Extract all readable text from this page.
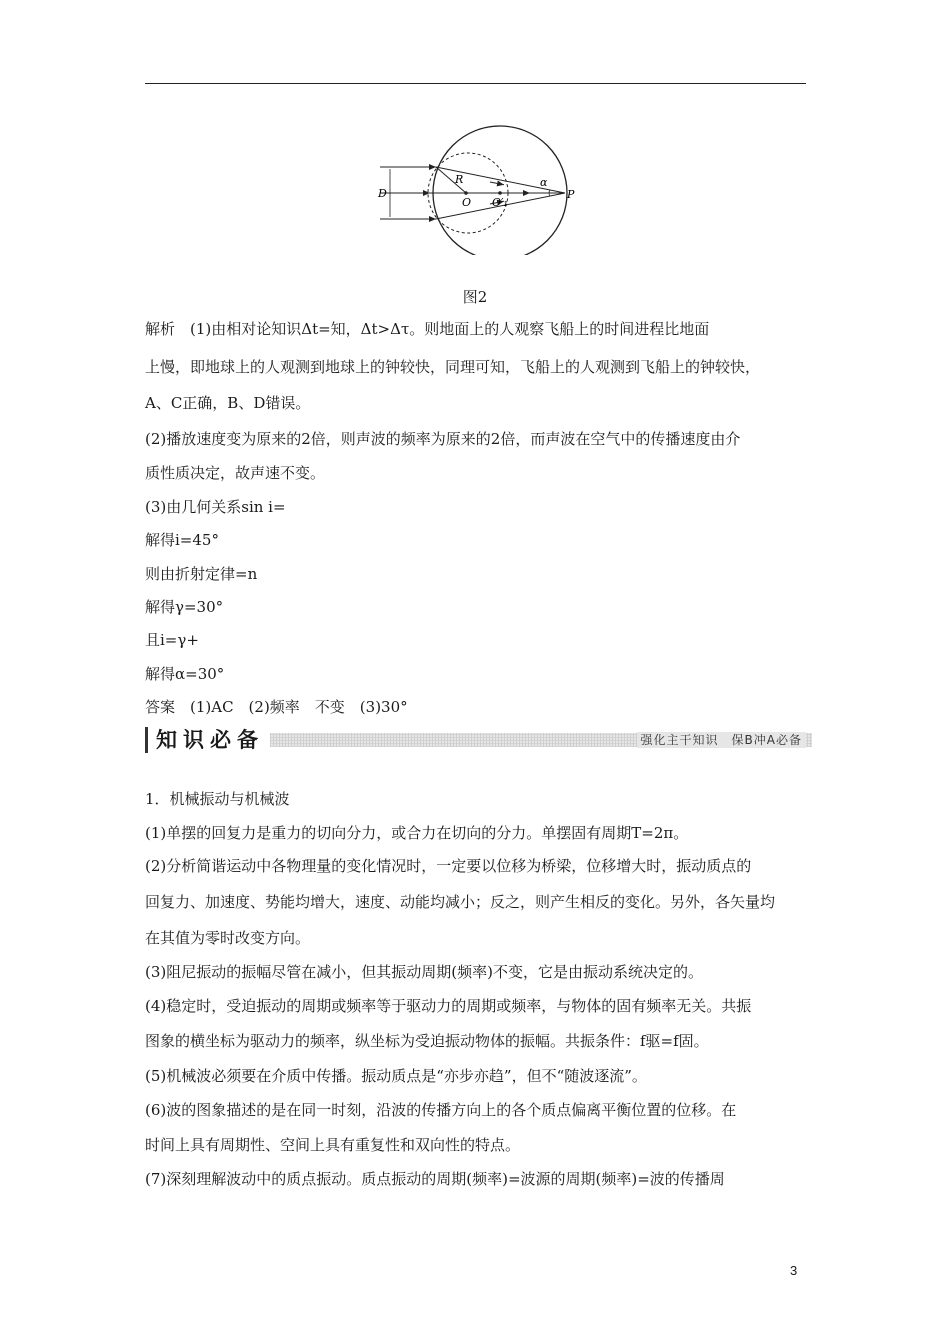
D
R
O O′₁
α
P
图2
解析　(1)由相对论知识Δt=知，Δt>Δτ。则地面上的人观察飞船上的时间进程比地面
上慢，即地球上的人观测到地球上的钟较快，同理可知，飞船上的人观测到飞船上的钟较快，
A、C正确，B、D错误。
(2)播放速度变为原来的2倍，则声波的频率为原来的2倍，而声波在空气中的传播速度由介
质性质决定，故声速不变。
(3)由几何关系sin i=
解得i=45°
则由折射定律=n
解得γ=30°
且i=γ+
解得α=30°
答案　(1)AC　(2)频率　不变　(3)30°
知识必备	强化主干知识　保B冲A必备
1．机械振动与机械波
(1)单摆的回复力是重力的切向分力，或合力在切向的分力。单摆固有周期T=2π。
(2)分析简谐运动中各物理量的变化情况时，一定要以位移为桥梁，位移增大时，振动质点的
回复力、加速度、势能均增大，速度、动能均减小；反之，则产生相反的变化。另外，各矢量均
在其值为零时改变方向。
(3)阻尼振动的振幅尽管在减小，但其振动周期(频率)不变，它是由振动系统决定的。
(4)稳定时，受迫振动的周期或频率等于驱动力的周期或频率，与物体的固有频率无关。共振
图象的横坐标为驱动力的频率，纵坐标为受迫振动物体的振幅。共振条件：f驱=f固。
(5)机械波必须要在介质中传播。振动质点是“亦步亦趋”，但不“随波逐流”。
(6)波的图象描述的是在同一时刻，沿波的传播方向上的各个质点偏离平衡位置的位移。在
时间上具有周期性、空间上具有重复性和双向性的特点。
(7)深刻理解波动中的质点振动。质点振动的周期(频率)=波源的周期(频率)=波的传播周
3
